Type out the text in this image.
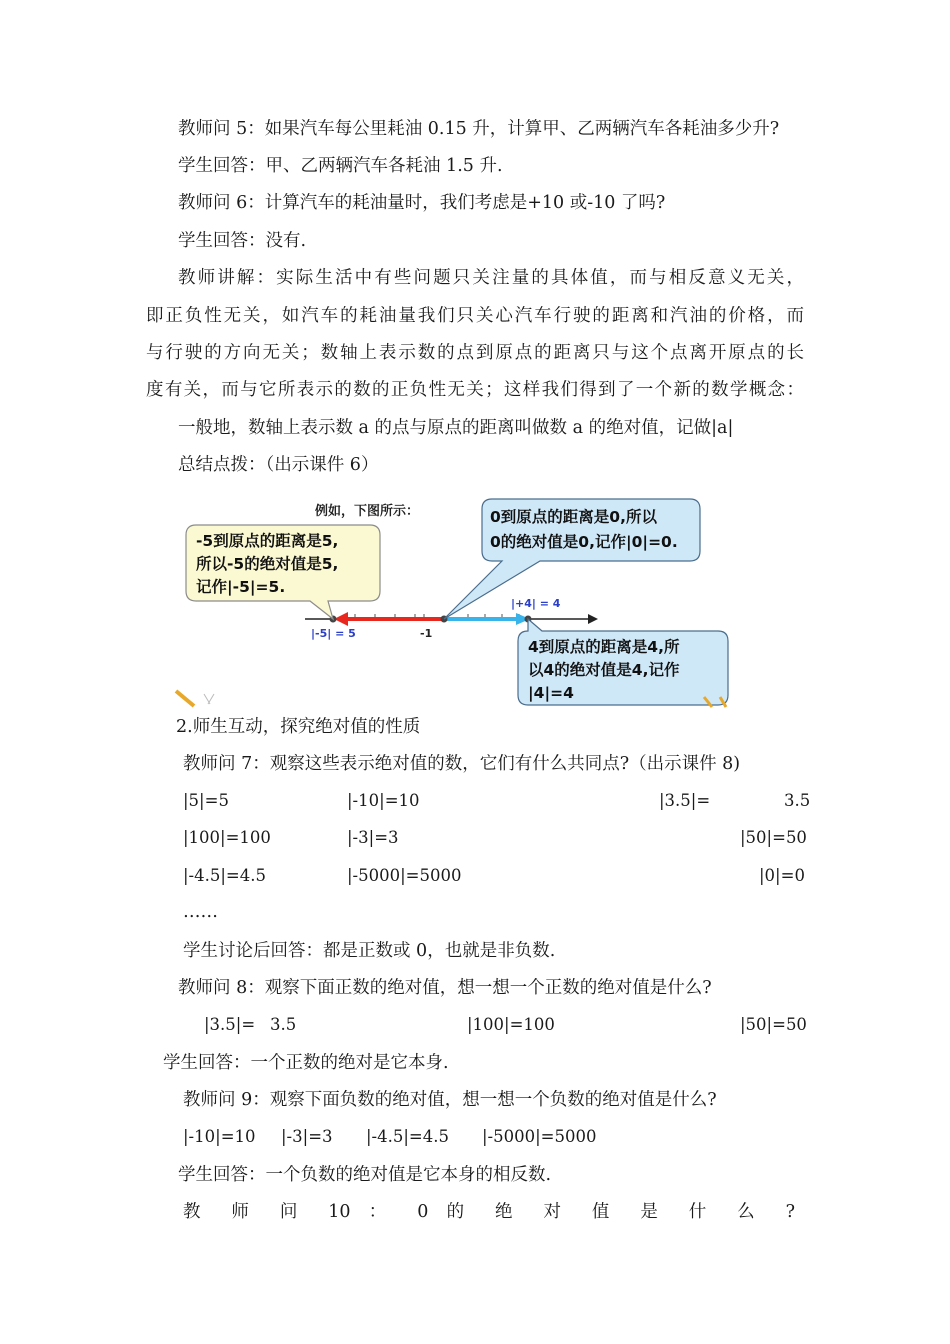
教师问 5：如果汽车每公里耗油 0.15 升，计算甲、乙两辆汽车各耗油多少升?
学生回答：甲、乙两辆汽车各耗油 1.5 升.
教师问 6：计算汽车的耗油量时，我们考虑是+10 或-10 了吗?
学生回答：没有.
教师讲解：实际生活中有些问题只关注量的具体值，而与相反意义无关，
即正负性无关，如汽车的耗油量我们只关心汽车行驶的距离和汽油的价格，而
与行驶的方向无关；数轴上表示数的点到原点的距离只与这个点离开原点的长
度有关，而与它所表示的数的正负性无关；这样我们得到了一个新的数学概念：
一般地，数轴上表示数 a 的点与原点的距离叫做数 a 的绝对值，记做|a|
总结点拨：（出示课件 6）
例如，下图所示：
|-5| = 5	-1
|+4| = 4
-5到原点的距离是5, 所以-5的绝对值是5, 记作|-5|=5.
0到原点的距离是0,所以 0的绝对值是0,记作|0|=0.
4到原点的距离是4,所 以4的绝对值是4,记作 |4|=4
2.师生互动，探究绝对值的性质
教师问 7：观察这些表示绝对值的数，它们有什么共同点?（出示课件 8)
|5|=5	|-10|=10	|3.5|=	3.5
|100|=100	|-3|=3	|50|=50
|-4.5|=4.5	|-5000|=5000	|0|=0
……
学生讨论后回答：都是正数或 0，也就是非负数.
教师问 8：观察下面正数的绝对值，想一想一个正数的绝对值是什么?
|3.5|= 3.5	|100|=100	|50|=50
学生回答：一个正数的绝对是它本身.
教师问 9：观察下面负数的绝对值，想一想一个负数的绝对值是什么?
|-10|=10 |-3|=3 |-4.5|=4.5 |-5000|=5000
学生回答：一个负数的绝对值是它本身的相反数.
教 师 问 10 ： 0 的 绝 对 值 是 什 么 ?
